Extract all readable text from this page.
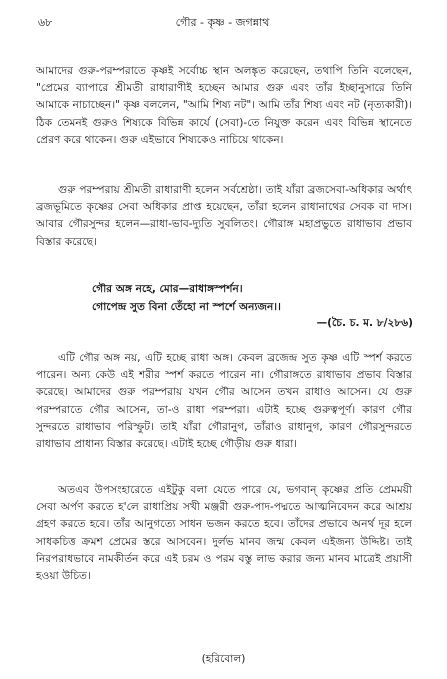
৬৮	গৌর - কৃষ্ণ - জগন্নাথ
আমাদের গুরু-পরম্পরাতে কৃষ্ণই সর্বোচ্চ স্থান অলঙ্কৃত করেছেন, তথাপি তিনি বলেছেন, "প্রেমের ব্যাপারে শ্রীমতী রাধারাণীই হচ্ছেন আমার গুরু এবং তাঁর ইচ্ছানুসারে তিনি আমাকে নাচাচ্ছেন।" কৃষ্ণ বললেন, "আমি শিষ্য নট"। আমি তাঁর শিষ্য এবং নট (নৃত্যকারী)। ঠিক তেমনই গুরুও শিষ্যকে বিভিন্ন কার্যে (সেবা)-তে নিযুক্ত করেন এবং বিভিন্ন স্থানেতে প্রেরণ করে থাকেন। গুরু এইভাবে শিষ্যকেও নাচিয়ে থাকেন।
গুরু পরম্পরায় শ্রীমতী রাধারাণী হলেন সর্বশ্রেষ্ঠা। তাই যাঁরা ব্রজসেবা-অধিকার অর্থাৎ ব্রজভূমিতে কৃষ্ণের সেবা অধিকার প্রাপ্ত হয়েছেন, তাঁরা হলেন রাধানাথের সেবক বা দাস। আবার গৌরসুন্দর হলেন—রাধা-ভাব-দ্যুতি সুবলিতং। গৌরাঙ্গ মহাপ্রভুতে রাধাভাব প্রভাব বিস্তার করেছে।
গৌর অঙ্গ নহে, মোর—রাধাঙ্গস্পর্শন।
গোপেন্দ্র সুত বিনা তেঁহো না স্পর্শে অন্যজন।।
—(চৈ. চ. ম. ৮/২৮৬)
এটি গৌর অঙ্গ নয়, এটি হচ্ছে রাধা অঙ্গ। কেবল ব্রজেন্দ্র সুত কৃষ্ণ এটি স্পর্শ করতে পারেন। অন্য কেউ এই শরীর স্পর্শ করতে পারেন না। গৌরাঙ্গতে রাধাভাব প্রভাব বিস্তার করেছে। আমাদের গুরু পরম্পরায় যখন গৌর আসেন তখন রাধাও আসেন। যে গুরু পরম্পরাতে গৌর আসেন, তা-ও রাধা পরম্পরা। এটাই হচ্ছে গুরুত্বপূর্ণ। কারণ গৌর সুন্দরতে রাধাভাব পরিস্ফুট। তাই যাঁরা গৌরানুগ, তাঁরাও রাধানুগ, কারণ গৌরসুন্দরতে রাধাভাব প্রাধান্য বিস্তার করেছে। এটাই হচ্ছে গৌড়ীয় গুরু ধারা।
অতএব উপসংহারেতে এইটুকু বলা যেতে পারে যে, ভগবান্ কৃষ্ণের প্রতি প্রেমময়ী সেবা অর্পণ করতে হ'লে রাধাপ্রিয় সখী মঞ্জরী গুরু-পাদ-পদ্মতে আত্মনিবেদন করে আশ্রয় গ্রহণ করতে হবে। তাঁর আনুগত্যে সাধন ভজন করতে হবে। তাঁদের প্রভাবে অনর্থ দূর হলে সাধকচিত্ত ক্রমশ প্রেমের স্তরে আসবেন। দুর্লভ মানব জন্ম কেবল এইজন্য উদ্দিষ্ট। তাই নিরপরাধভাবে নামকীর্তন করে এই চরম ও পরম বস্তু লাভ করার জন্য মানব মাত্রেই প্রয়াসী হওয়া উচিত।
(হরিবোল)
